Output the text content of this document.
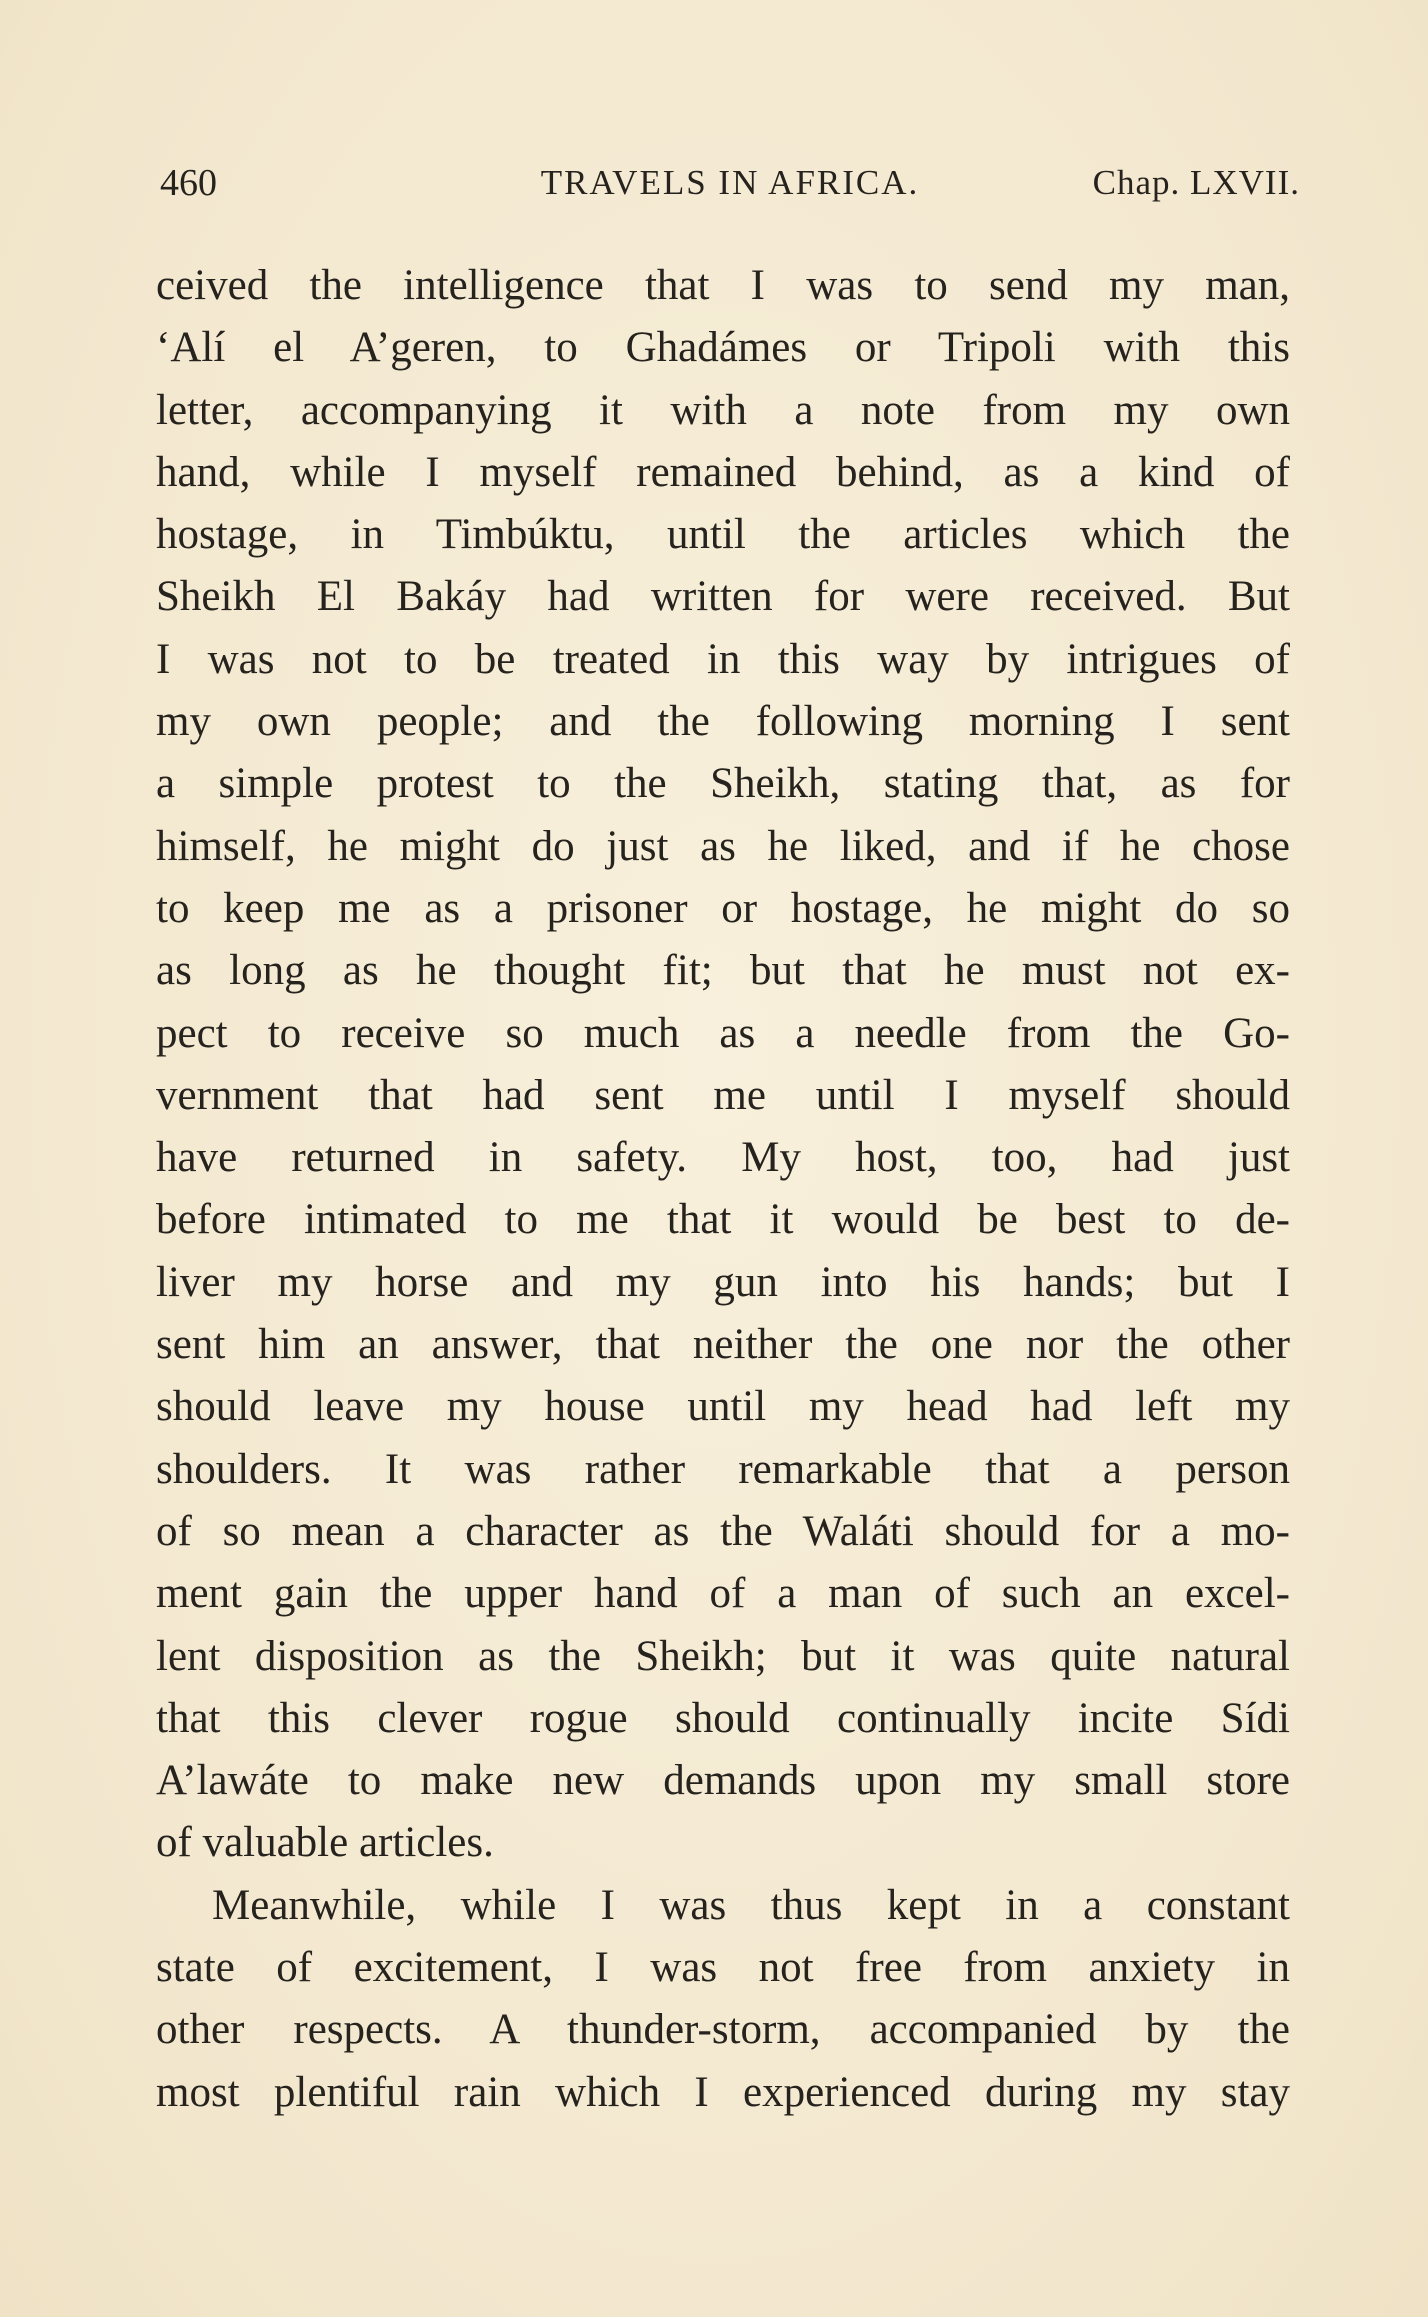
460	TRAVELS IN AFRICA.	Chap. LXVII.
ceived the intelligence that I was to send my man,
‘Alí el A’geren, to Ghadámes or Tripoli with this
letter, accompanying it with a note from my own
hand, while I myself remained behind, as a kind of
hostage, in Timbúktu, until the articles which the
Sheikh El Bakáy had written for were received. But
I was not to be treated in this way by intrigues of
my own people; and the following morning I sent
a simple protest to the Sheikh, stating that, as for
himself, he might do just as he liked, and if he chose
to keep me as a prisoner or hostage, he might do so
as long as he thought fit; but that he must not ex-
pect to receive so much as a needle from the Go-
vernment that had sent me until I myself should
have returned in safety. My host, too, had just
before intimated to me that it would be best to de-
liver my horse and my gun into his hands; but I
sent him an answer, that neither the one nor the other
should leave my house until my head had left my
shoulders. It was rather remarkable that a person
of so mean a character as the Waláti should for a mo-
ment gain the upper hand of a man of such an excel-
lent disposition as the Sheikh; but it was quite natural
that this clever rogue should continually incite Sídi
A’lawáte to make new demands upon my small store
of valuable articles.
Meanwhile, while I was thus kept in a constant
state of excitement, I was not free from anxiety in
other respects. A thunder-storm, accompanied by the
most plentiful rain which I experienced during my stay
